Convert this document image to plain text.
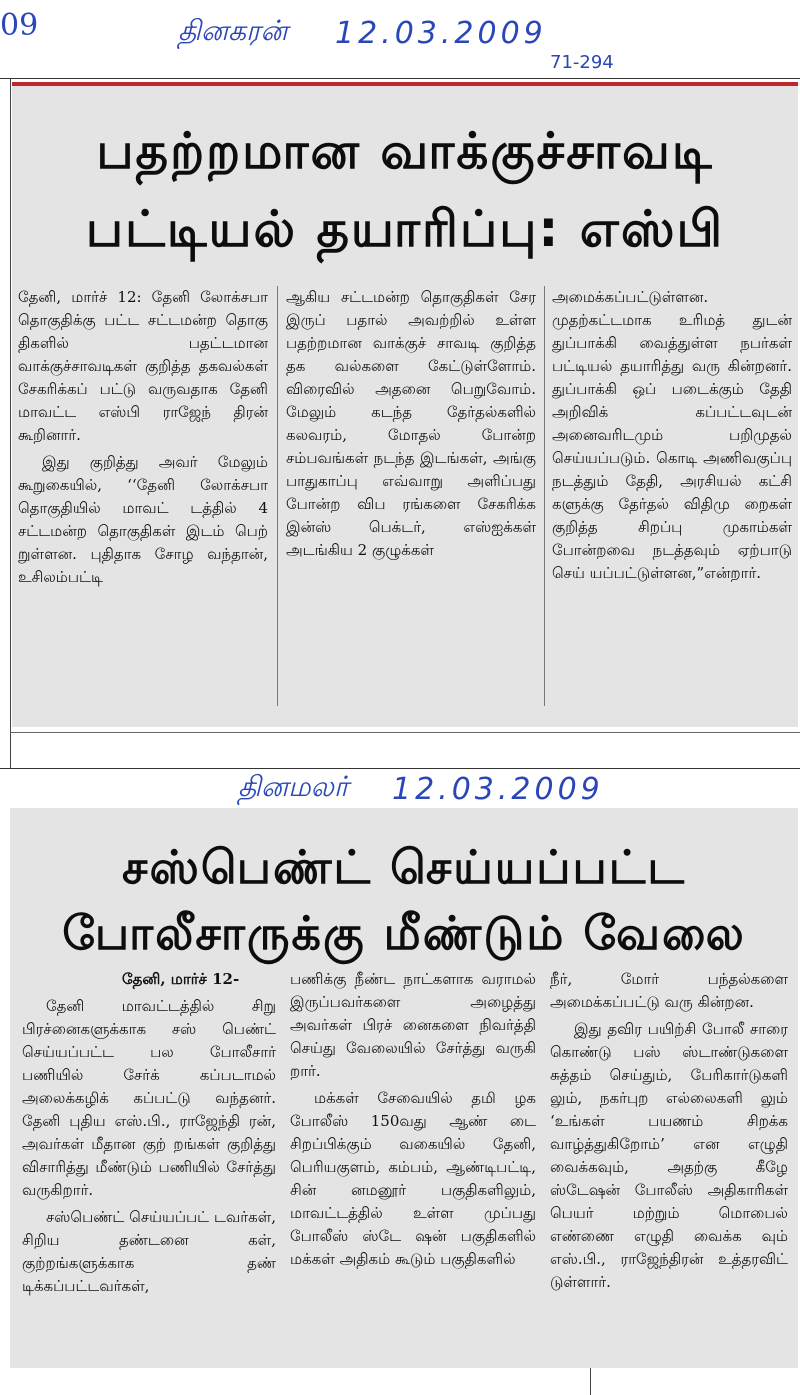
09	தினகரன் 12.03.2009
71-294
பதற்றமான வாக்குச்சாவடி
பட்டியல் தயாரிப்பு: எஸ்பி

தேனி, மார்ச் 12: தேனி லோக்சபா தொகுதிக்கு பட்ட சட்டமன்ற தொகு திகளில் பதட்டமான வாக்குச்சாவடிகள் குறித்த தகவல்கள் சேகரிக்கப் பட்டு வருவதாக தேனி மாவட்ட எஸ்பி ராஜேந் திரன் கூறினார்.

இது குறித்து அவர் மேலும் கூறுகையில், ‘‘தேனி லோக்சபா தொகுதியில் மாவட் டத்தில் 4 சட்டமன்ற தொகுதிகள் இடம் பெற் றுள்ளன. புதிதாக சோழ வந்தான், உசிலம்பட்டி

ஆகிய சட்டமன்ற தொகுதிகள் சேர இருப் பதால் அவற்றில் உள்ள பதற்றமான வாக்குச் சாவடி குறித்த தக வல்களை கேட்டுள்ளோம். விரைவில் அதனை பெறுவோம். மேலும் கடந்த தேர்தல்களில் கலவரம், மோதல் போன்ற சம்பவங்கள் நடந்த இடங்கள், அங்கு பாதுகாப்பு எவ்வாறு அளிப்பது போன்ற விப ரங்களை சேகரிக்க இன்ஸ் பெக்டர், எஸ்ஐக்கள் அடங்கிய 2 குழுக்கள்

அமைக்கப்பட்டுள்ளன. முதற்கட்டமாக உரிமத் துடன் துப்பாக்கி வைத்துள்ள நபர்கள் பட்டியல் தயாரித்து வரு கின்றனர். துப்பாக்கி ஒப் படைக்கும் தேதி அறிவிக் கப்பட்டவுடன் அனைவரிடமும் பறிமுதல் செய்யப்படும். கொடி அணிவகுப்பு நடத்தும் தேதி, அரசியல் கட்சி களுக்கு தேர்தல் விதிமு றைகள் குறித்த சிறப்பு முகாம்கள் போன்றவை நடத்தவும் ஏற்பாடு செய் யப்பட்டுள்ளன,”என்றார்.

தினமலர் 12.03.2009
சஸ்பெண்ட் செய்யப்பட்ட
போலீசாருக்கு மீண்டும் வேலை

தேனி, மார்ச் 12-

தேனி மாவட்டத்தில் சிறு பிரச்னைகளுக்காக சஸ் பெண்ட் செய்யப்பட்ட பல போலீசார் பணியில் சேர்க் கப்படாமல் அலைக்கழிக் கப்பட்டு வந்தனர். தேனி புதிய எஸ்.பி., ராஜேந்தி ரன், அவர்கள் மீதான குற் றங்கள் குறித்து விசாரித்து மீண்டும் பணியில் சேர்த்து வருகிறார்.

சஸ்பெண்ட் செய்யப்பட் டவர்கள், சிறிய தண்டனை கள், குற்றங்களுக்காக தண் டிக்கப்பட்டவர்கள்,

பணிக்கு நீண்ட நாட்களாக வராமல் இருப்பவர்களை அழைத்து அவர்கள் பிரச் னைகளை நிவர்த்தி செய்து வேலையில் சேர்த்து வருகி றார்.

மக்கள் சேவையில் தமி ழக போலீஸ் 150வது ஆண் டை சிறப்பிக்கும் வகையில் தேனி, பெரியகுளம், கம்பம், ஆண்டிபட்டி, சின் னமனூர் பகுதிகளிலும், மாவட்டத்தில் உள்ள முப்பது போலீஸ் ஸ்டே ஷன் பகுதிகளில் மக்கள் அதிகம் கூடும் பகுதிகளில்

நீர், மோர் பந்தல்களை அமைக்கப்பட்டு வரு கின்றன.

இது தவிர பயிற்சி போலீ சாரை கொண்டு பஸ் ஸ்டாண்டுகளை சுத்தம் செய்தும், பேரிகார்டுகளி லும், நகர்புற எல்லைகளி லும் ‘உங்கள் பயணம் சிறக்க வாழ்த்துகிறோம்’ என எழுதி வைக்கவும், அதற்கு கீழே ஸ்டேஷன் போலீஸ் அதிகாரிகள் பெயர் மற்றும் மொபைல் எண்ணை எழுதி வைக்க வும் எஸ்.பி., ராஜேந்திரன் உத்தரவிட் டுள்ளார்.
